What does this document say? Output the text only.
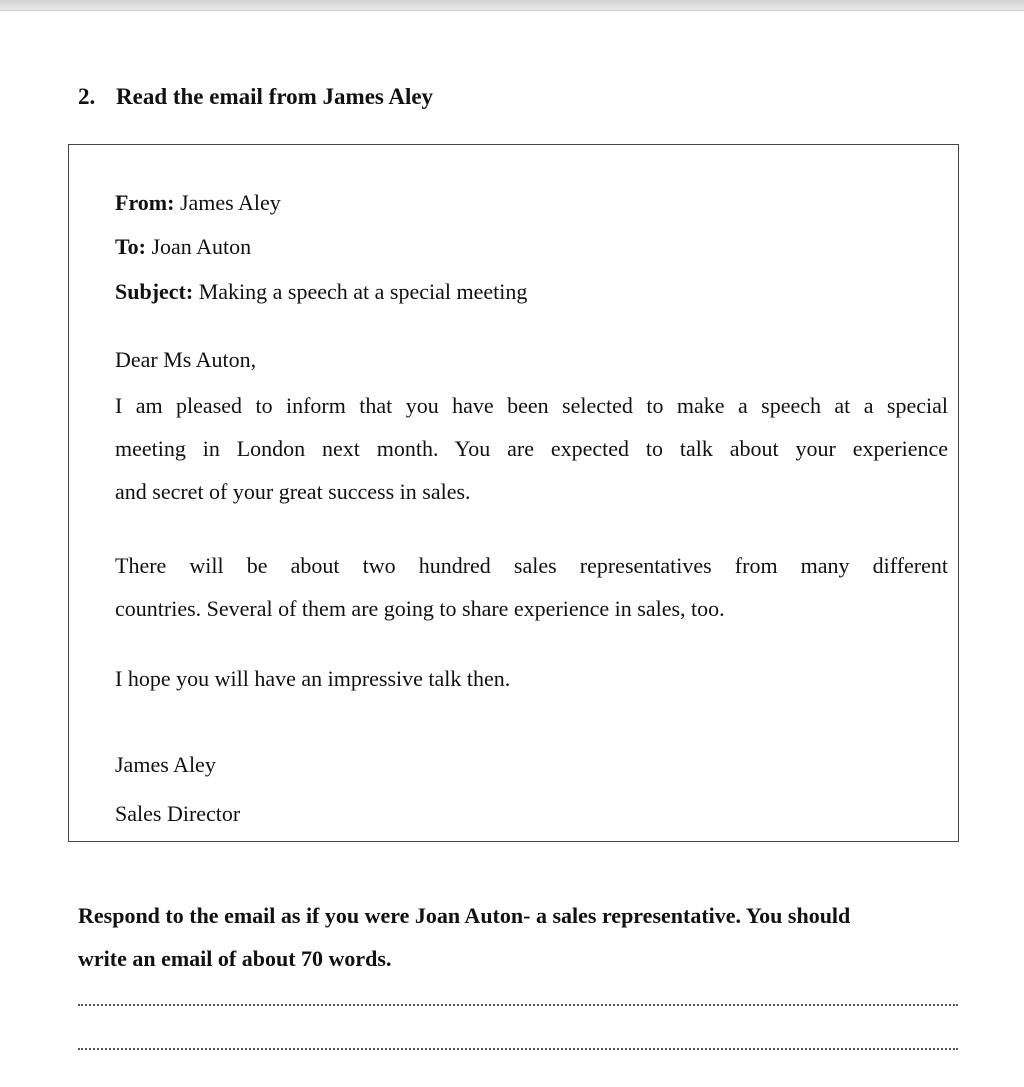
2. Read the email from James Aley
From: James Aley
To: Joan Auton
Subject: Making a speech at a special meeting
Dear Ms Auton,
I am pleased to inform that you have been selected to make a speech at a special
meeting in London next month. You are expected to talk about your experience
and secret of your great success in sales.
There will be about two hundred sales representatives from many different
countries. Several of them are going to share experience in sales, too.
I hope you will have an impressive talk then.
James Aley
Sales Director
Respond to the email as if you were Joan Auton- a sales representative. You should
write an email of about 70 words.
